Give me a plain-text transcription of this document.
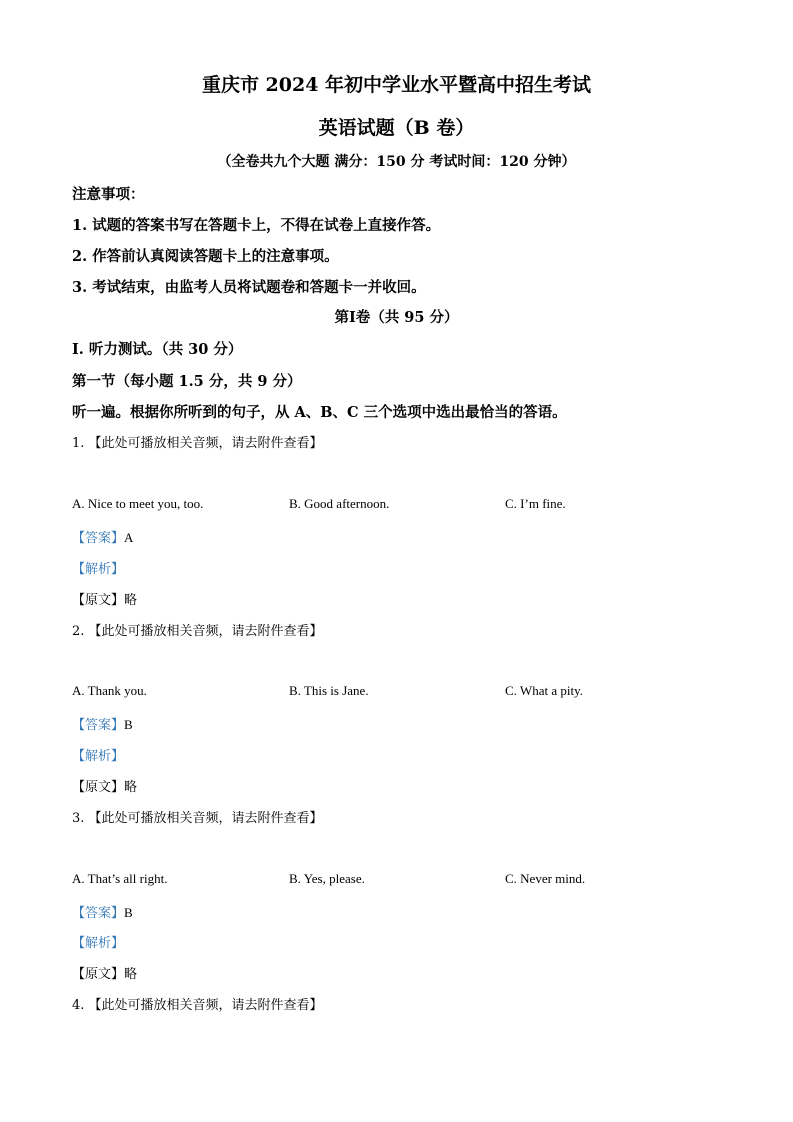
重庆市 2024 年初中学业水平暨高中招生考试
英语试题（B 卷）
（全卷共九个大题 满分：150 分 考试时间：120 分钟）
注意事项：
1. 试题的答案书写在答题卡上，不得在试卷上直接作答。
2. 作答前认真阅读答题卡上的注意事项。
3. 考试结束，由监考人员将试题卷和答题卡一并收回。
第Ⅰ卷（共 95 分）
Ⅰ. 听力测试。（共 30 分）
第一节（每小题 1.5 分，共 9 分）
听一遍。根据你所听到的句子，从 A、B、C 三个选项中选出最恰当的答语。
1. 【此处可播放相关音频，请去附件查看】
A. Nice to meet you, too.	B. Good afternoon.	C. I’m fine.
【答案】A
【解析】
【原文】略
2. 【此处可播放相关音频，请去附件查看】
A. Thank you.	B. This is Jane.	C. What a pity.
【答案】B
【解析】
【原文】略
3. 【此处可播放相关音频，请去附件查看】
A. That’s all right.	B. Yes, please.	C. Never mind.
【答案】B
【解析】
【原文】略
4. 【此处可播放相关音频，请去附件查看】
